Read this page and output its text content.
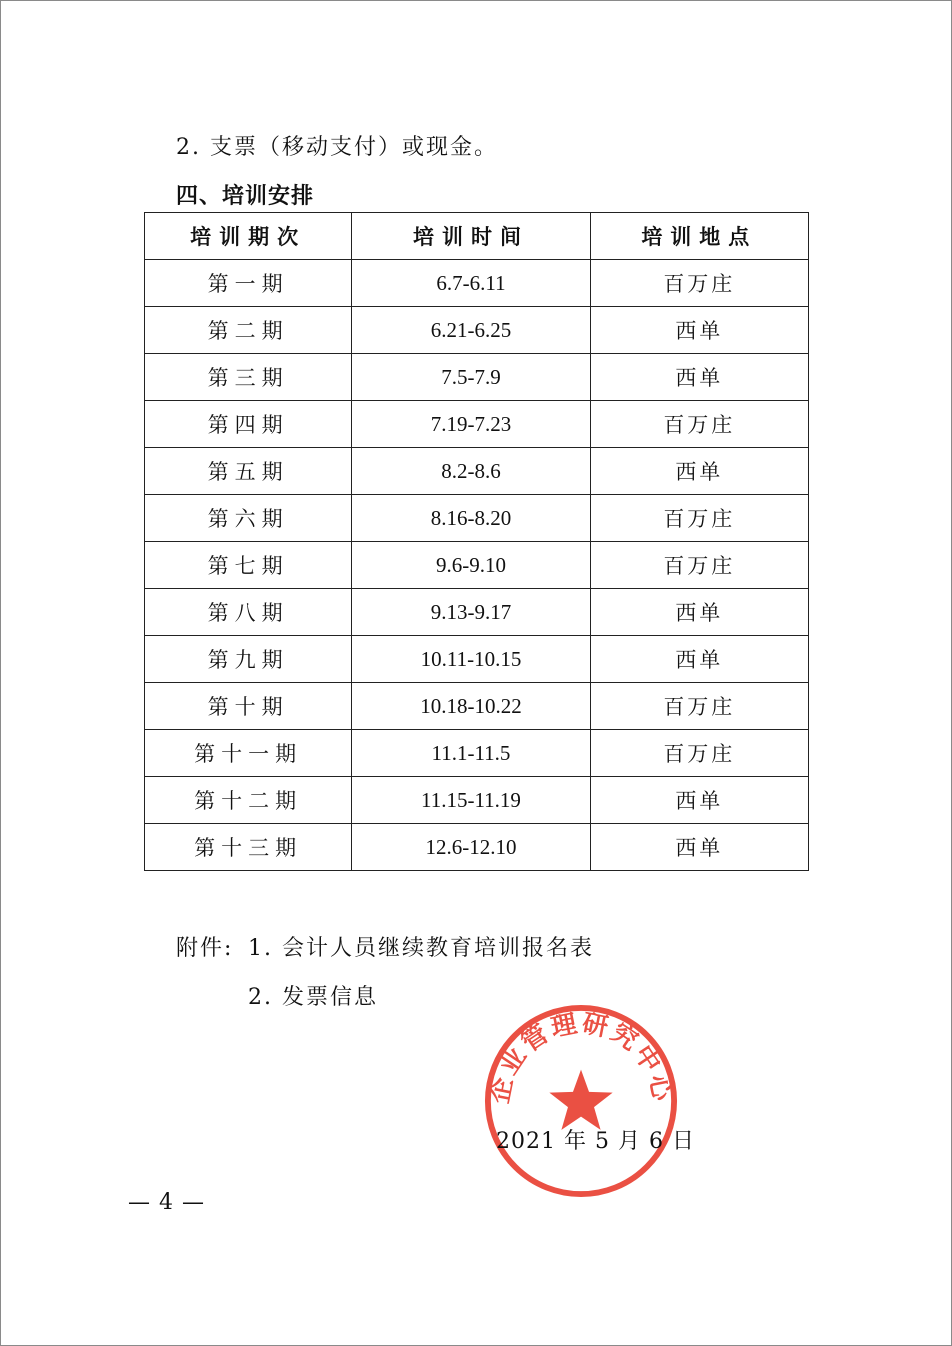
2. 支票（移动支付）或现金。
四、培训安排
培训期次	培训时间	培训地点
第一期	6.7-6.11	百万庄
第二期	6.21-6.25	西单
第三期	7.5-7.9	西单
第四期	7.19-7.23	百万庄
第五期	8.2-8.6	西单
第六期	8.16-8.20	百万庄
第七期	9.6-9.10	百万庄
第八期	9.13-9.17	西单
第九期	10.11-10.15	西单
第十期	10.18-10.22	百万庄
第十一期	11.1-11.5	百万庄
第十二期	11.15-11.19	西单
第十三期	12.6-12.10	西单
附件: 1. 会计人员继续教育培训报名表
2. 发票信息
企业管理研究中心
2021 年 5 月 6 日
— 4 —
